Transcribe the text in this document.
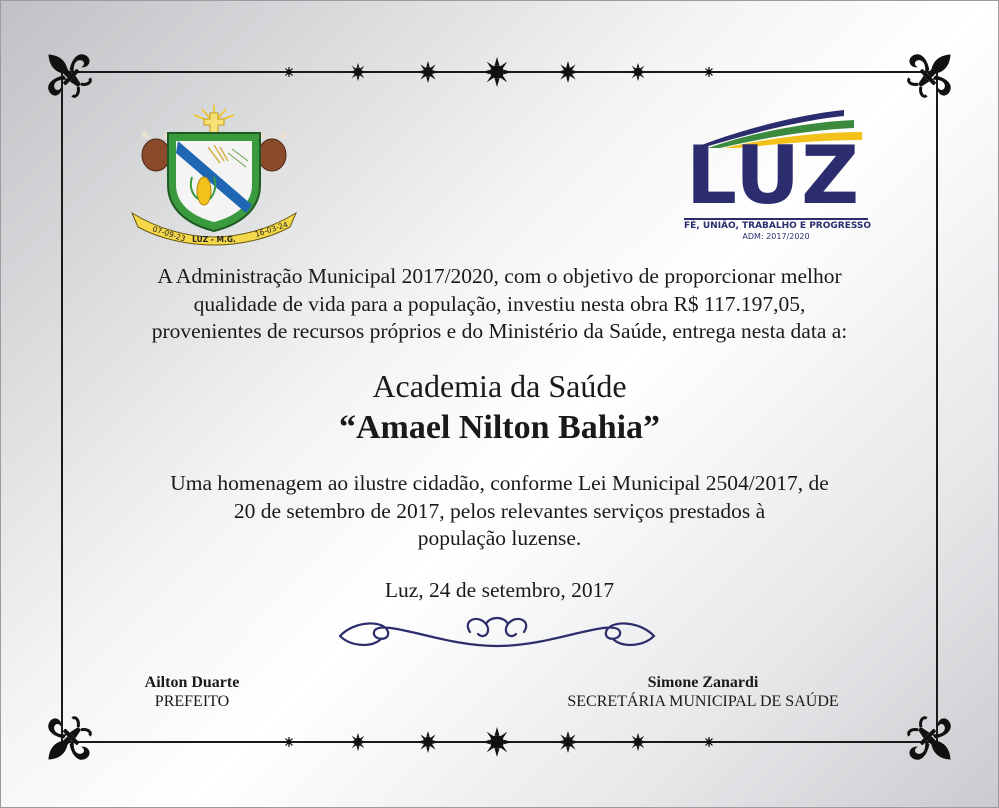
07-09-23 LUZ - M.G.
16-03-24
LUZ
FÉ, UNIÃO, TRABALHO E PROGRESSO
ADM: 2017/2020
A Administração Municipal 2017/2020, com o objetivo de proporcionar melhor
qualidade de vida para a população, investiu nesta obra R$ 117.197,05,
provenientes de recursos próprios e do Ministério da Saúde, entrega nesta data a:
Academia da Saúde
“Amael Nilton Bahia”
Uma homenagem ao ilustre cidadão, conforme Lei Municipal 2504/2017, de
20 de setembro de 2017, pelos relevantes serviços prestados à
população luzense.
Luz, 24 de setembro, 2017
Ailton Duarte
PREFEITO
Simone Zanardi
SECRETÁRIA MUNICIPAL DE SAÚDE
